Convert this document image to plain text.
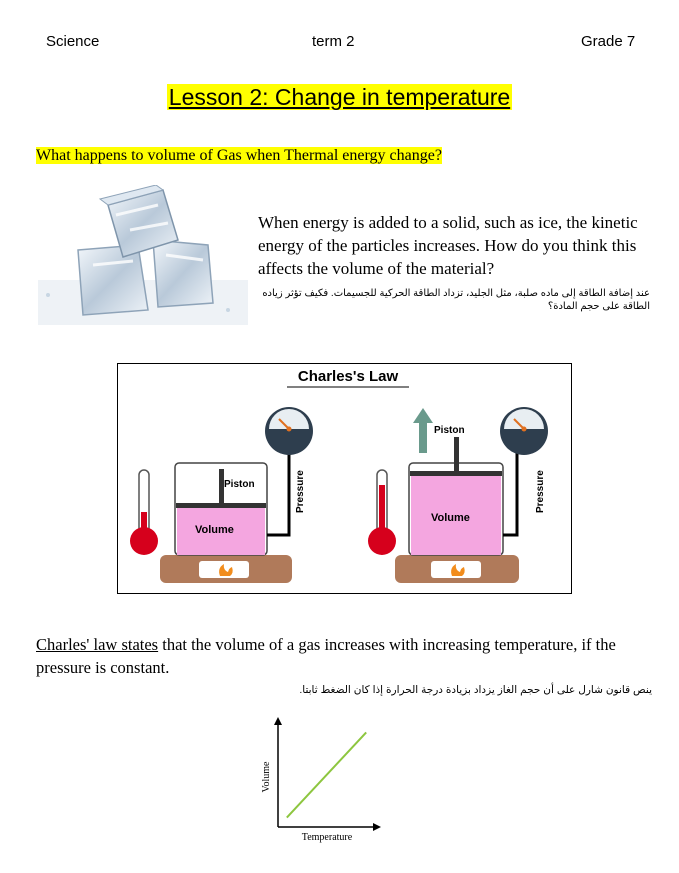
Science	term 2	Grade 7
Lesson 2: Change in temperature
What happens to volume of Gas when Thermal energy change?
When energy is added to a solid, such as ice, the kinetic energy of the particles increases. How do you think this affects the volume of the material?
عند إضافة الطاقة إلى ماده صلبة، مثل الجليد، تزداد الطاقة الحركية للجسيمات. فكيف تؤثر زياده الطاقة على حجم المادة؟
Charles's Law
Piston
Volume
Pressure
Piston
Volume
Pressure
Charles' law states that the volume of a gas increases with increasing temperature, if the pressure is constant.
ينص قانون شارل على أن حجم الغاز يزداد بزيادة درجة الحرارة إذا كان الضغط ثابتا.
Temperature
Volume
